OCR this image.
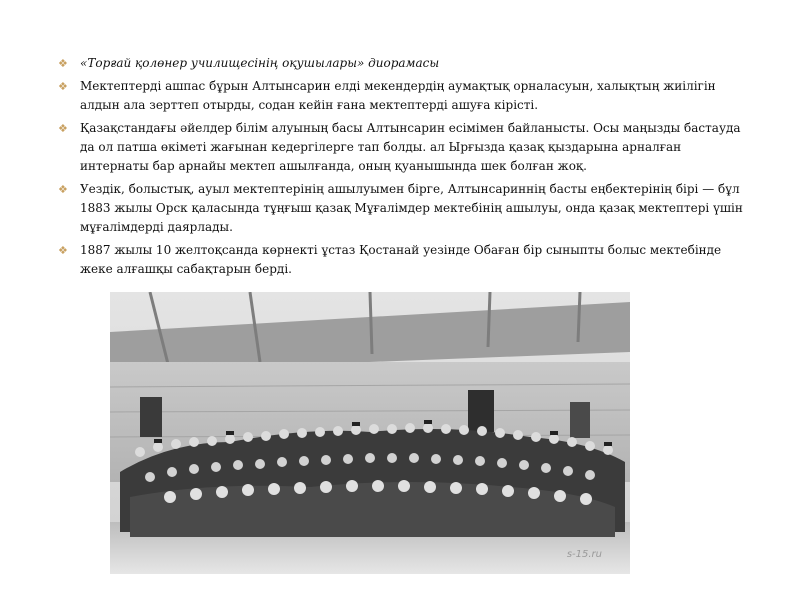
❖	«Торғай қолөнер училищесінің оқушылары» диорамасы
❖	Мектептерді ашпас бұрын Алтынсарин елді мекендердің аумақтық орналасуын, халықтың жиілігін алдын ала зерттеп отырды, содан кейін ғана мектептерді ашуға кірісті.
❖	Қазақстандағы әйелдер білім алуының басы Алтынсарин есімімен байланысты. Осы маңызды бастауда да ол патша өкіметі жағынан кедергілерге тап болды. ал Ырғызда қазақ қыздарына арналған интернаты бар арнайы мектеп ашылғанда, оның қуанышында шек болған жоқ.
❖	Уездік, болыстық, ауыл мектептерінің ашылуымен бірге, Алтынсариннің басты еңбектерінің бірі — бұл 1883 жылы Орск қаласында тұңғыш қазақ Мұғалімдер мектебінің ашылуы, онда қазақ мектептері үшін мұғалімдерді даярлады.
❖	1887 жылы 10 желтоқсанда көрнекті ұстаз Қостанай уезінде Обаған бір сыныпты болыс мектебінде жеке алғашқы сабақтарын берді.
s-15.ru
